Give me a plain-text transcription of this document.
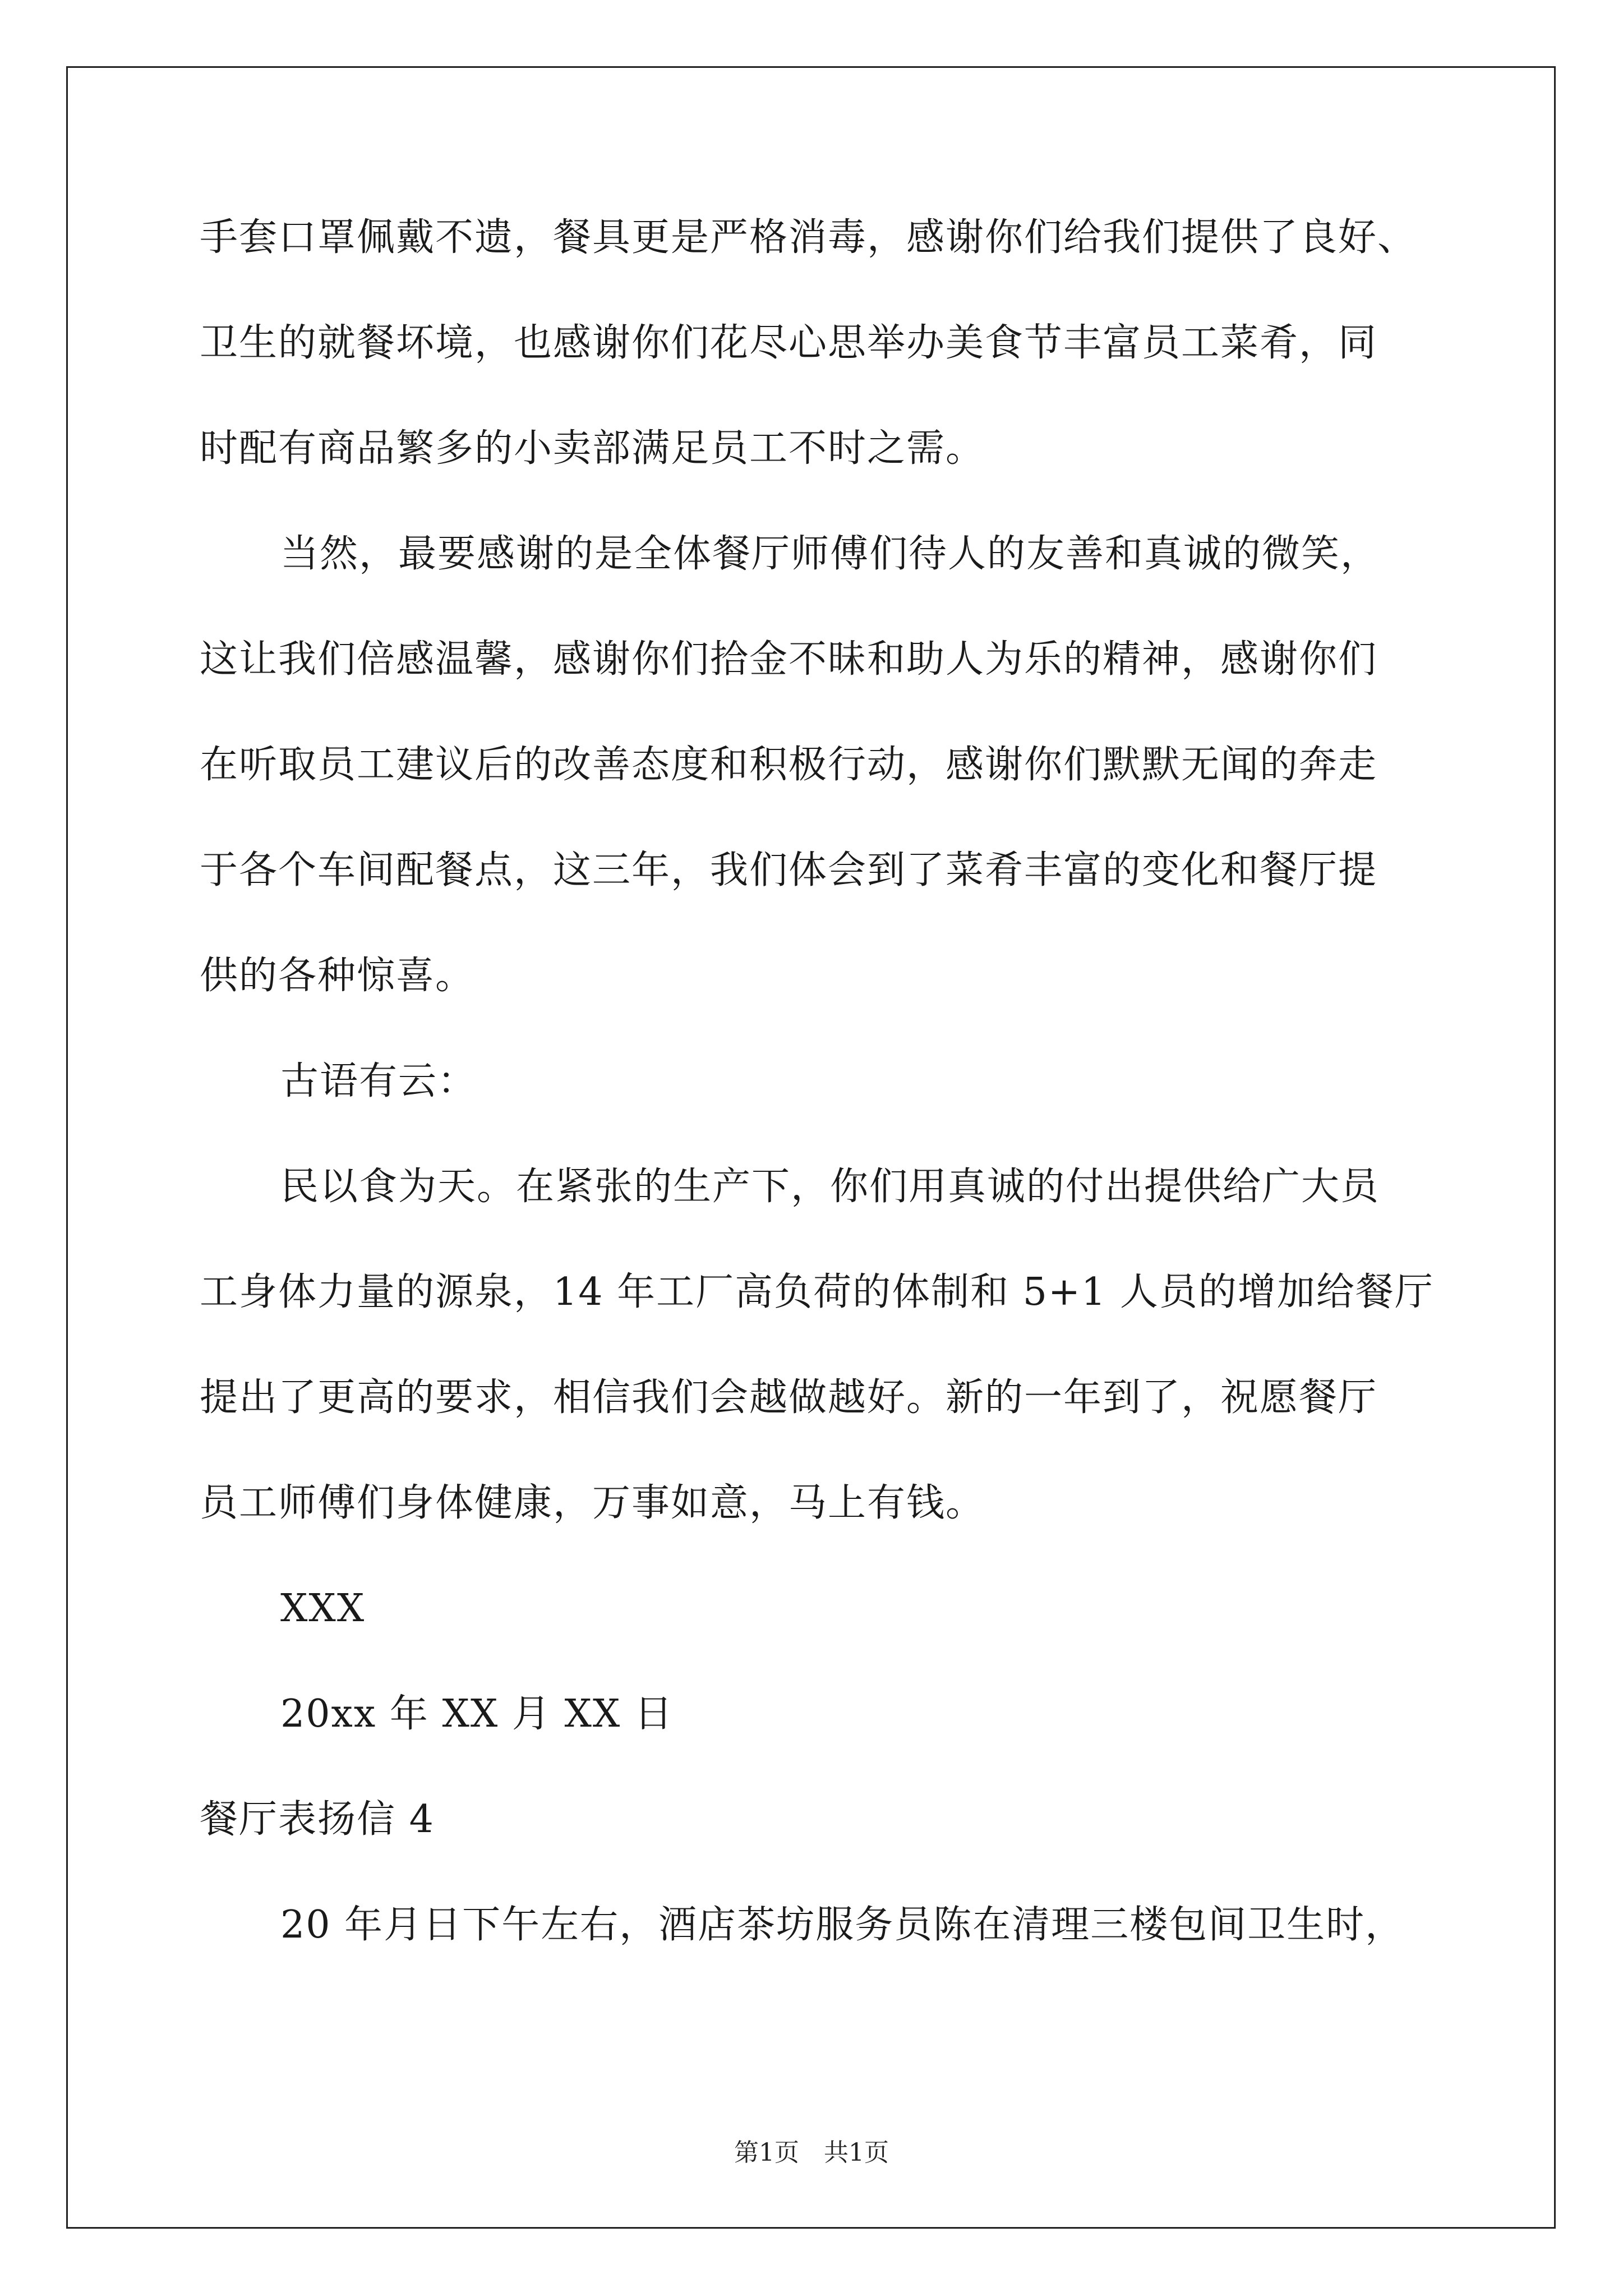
手套口罩佩戴不遗，餐具更是严格消毒，感谢你们给我们提供了良好、
卫生的就餐坏境，也感谢你们花尽心思举办美食节丰富员工菜肴，同
时配有商品繁多的小卖部满足员工不时之需。
当然，最要感谢的是全体餐厅师傅们待人的友善和真诚的微笑，
这让我们倍感温馨，感谢你们拾金不昧和助人为乐的精神，感谢你们
在听取员工建议后的改善态度和积极行动，感谢你们默默无闻的奔走
于各个车间配餐点，这三年，我们体会到了菜肴丰富的变化和餐厅提
供的各种惊喜。
古语有云：
民以食为天。在紧张的生产下，你们用真诚的付出提供给广大员
工身体力量的源泉，14 年工厂高负荷的体制和 5+1 人员的增加给餐厅
提出了更高的要求，相信我们会越做越好。新的一年到了，祝愿餐厅
员工师傅们身体健康，万事如意，马上有钱。
XXX
20xx 年 XX 月 XX 日
餐厅表扬信 4
20 年月日下午左右，酒店茶坊服务员陈在清理三楼包间卫生时，
第1页　共1页
